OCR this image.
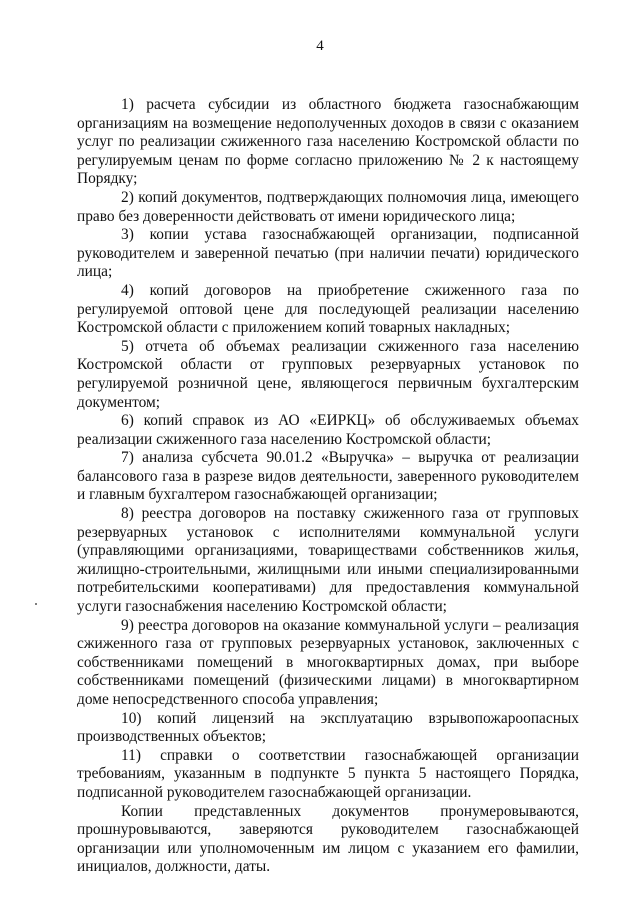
4

1) расчета субсидии из областного бюджета газоснабжающим организациям на возмещение недополученных доходов в связи с оказанием услуг по реализации сжиженного газа населению Костромской области по регулируемым ценам по форме согласно приложению № 2 к настоящему Порядку;

2) копий документов, подтверждающих полномочия лица, имеющего право без доверенности действовать от имени юридического лица;

3) копии устава газоснабжающей организации, подписанной руководителем и заверенной печатью (при наличии печати) юридического лица;

4) копий договоров на приобретение сжиженного газа по регулируемой оптовой цене для последующей реализации населению Костромской области с приложением копий товарных накладных;

5) отчета об объемах реализации сжиженного газа населению Костромской области от групповых резервуарных установок по регулируемой розничной цене, являющегося первичным бухгалтерским документом;

6) копий справок из АО «ЕИРКЦ» об обслуживаемых объемах реализации сжиженного газа населению Костромской области;

7) анализа субсчета 90.01.2 «Выручка» – выручка от реализации балансового газа в разрезе видов деятельности, заверенного руководителем и главным бухгалтером газоснабжающей организации;

8) реестра договоров на поставку сжиженного газа от групповых резервуарных установок с исполнителями коммунальной услуги (управляющими организациями, товариществами собственников жилья, жилищно-строительными, жилищными или иными специализированными потребительскими кооперативами) для предоставления коммунальной услуги газоснабжения населению Костромской области;

9) реестра договоров на оказание коммунальной услуги – реализация сжиженного газа от групповых резервуарных установок, заключенных с собственниками помещений в многоквартирных домах, при выборе собственниками помещений (физическими лицами) в многоквартирном доме непосредственного способа управления;

10) копий лицензий на эксплуатацию взрывопожароопасных производственных объектов;

11) справки о соответствии газоснабжающей организации требованиям, указанным в подпункте 5 пункта 5 настоящего Порядка, подписанной руководителем газоснабжающей организации.

Копии представленных документов пронумеровываются, прошнуровываются, заверяются руководителем газоснабжающей организации или уполномоченным им лицом с указанием его фамилии, инициалов, должности, даты.
